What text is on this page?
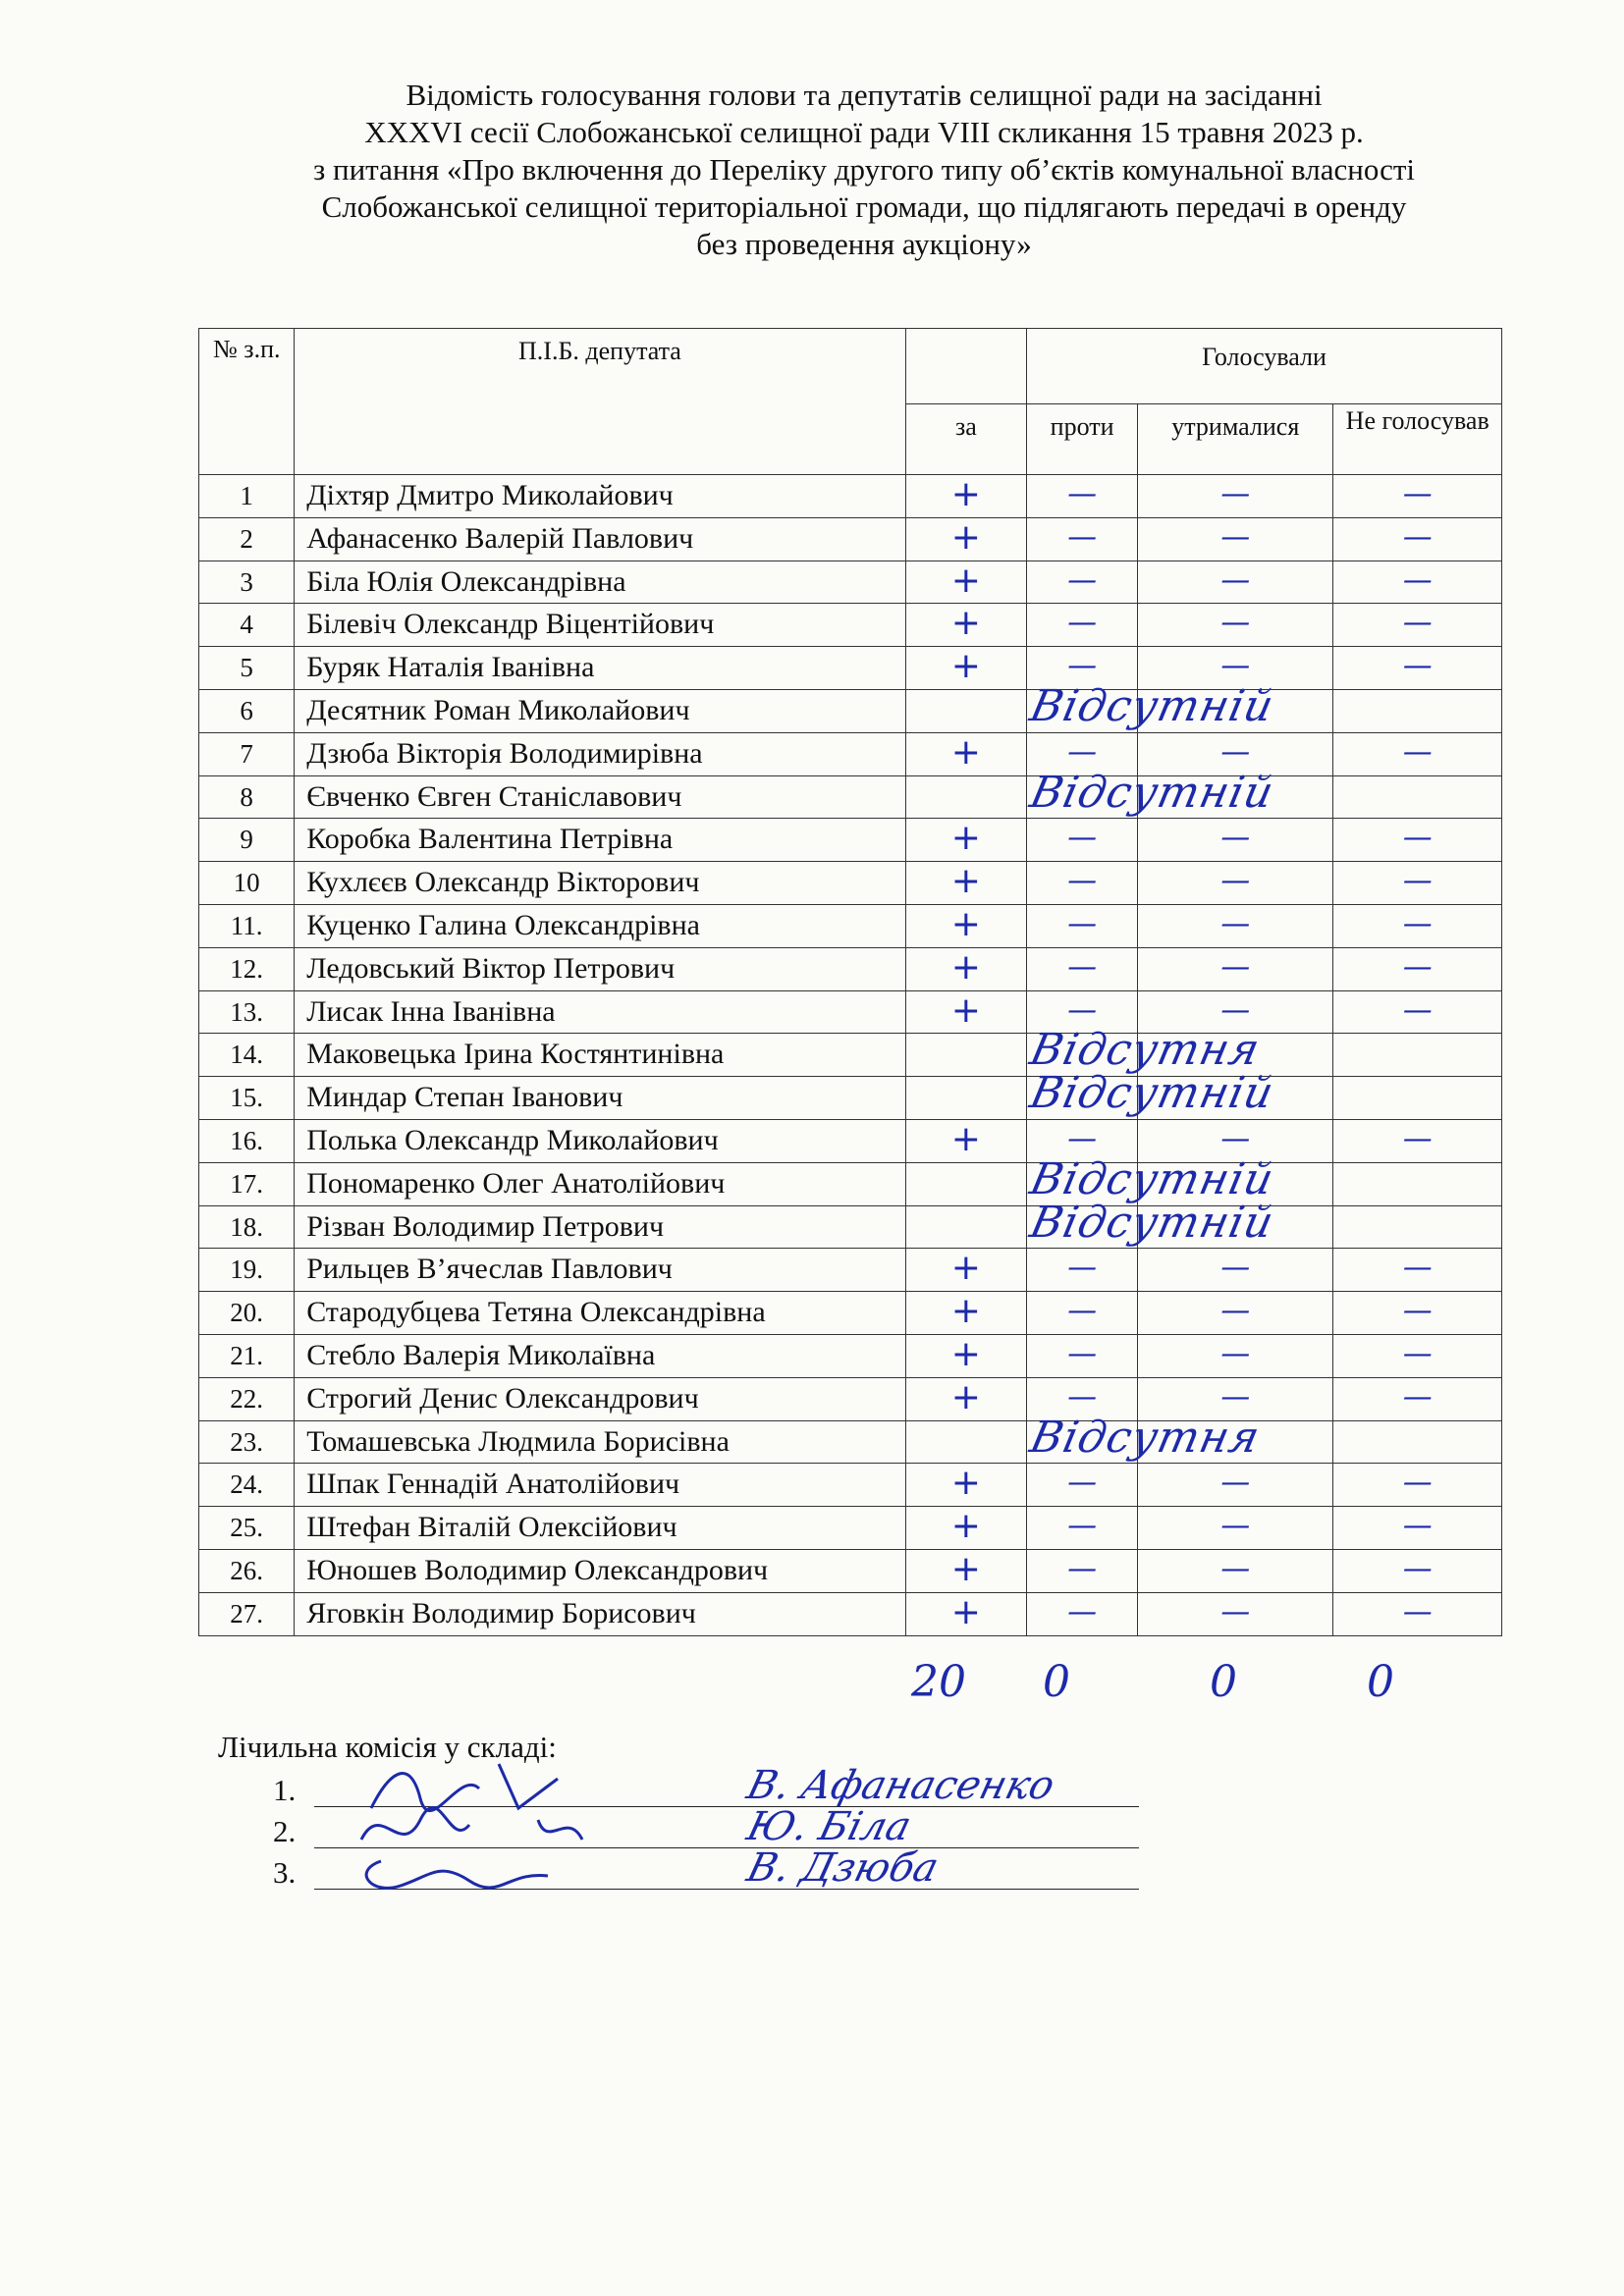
Відомість голосування голови та депутатів селищної ради на засіданні
XXXVI сесії Слобожанської селищної ради VIII скликання 15 травня 2023 р.
з питання «Про включення до Переліку другого типу об’єктів комунальної власності
Слобожанської селищної територіальної громади, що підлягають передачі в оренду
без проведення аукціону»
№ з.п.	П.І.Б. депутата		Голосували		
		за	проти	утрималися	Не голосував
1	Діхтяр Дмитро Миколайович	+	—	—	—

2	Афанасенко Валерій Павлович	+	—	—	—

3	Біла Юлія Олександрівна	+	—	—	—

4	Білевіч Олександр Віцентійович	+	—	—	—

5	Буряк Наталія Іванівна	+	—	—	—

6	Десятник Роман Миколайович		Відсутній		

7	Дзюба Вікторія Володимирівна	+	—	—	—

8	Євченко Євген Станіславович		Відсутній		

9	Коробка Валентина Петрівна	+	—	—	—

10	Кухлєєв Олександр Вікторович	+	—	—	—

11.	Куценко Галина Олександрівна	+	—	—	—

12.	Ледовський Віктор Петрович	+	—	—	—

13.	Лисак Інна Іванівна	+	—	—	—

14.	Маковецька Ірина Костянтинівна		Відсутня		

15.	Миндар Степан Іванович		Відсутній		

16.	Полька Олександр Миколайович	+	—	—	—

17.	Пономаренко Олег Анатолійович		Відсутній		

18.	Різван Володимир Петрович		Відсутній		

19.	Рильцев В’ячеслав Павлович	+	—	—	—

20.	Стародубцева Тетяна Олександрівна	+	—	—	—

21.	Стебло Валерія Миколаївна	+	—	—	—

22.	Строгий Денис Олександрович	+	—	—	—

23.	Томашевська Людмила Борисівна		Відсутня		

24.	Шпак Геннадій Анатолійович	+	—	—	—

25.	Штефан Віталій Олексійович	+	—	—	—

26.	Юношев Володимир Олександрович	+	—	—	—

27.	Яговкін Володимир Борисович	+	—	—	—
20 0	0	0
Лічильна комісія у складі:
1.	В. Афанасенко
2.	Ю. Біла
3.	В. Дзюба
